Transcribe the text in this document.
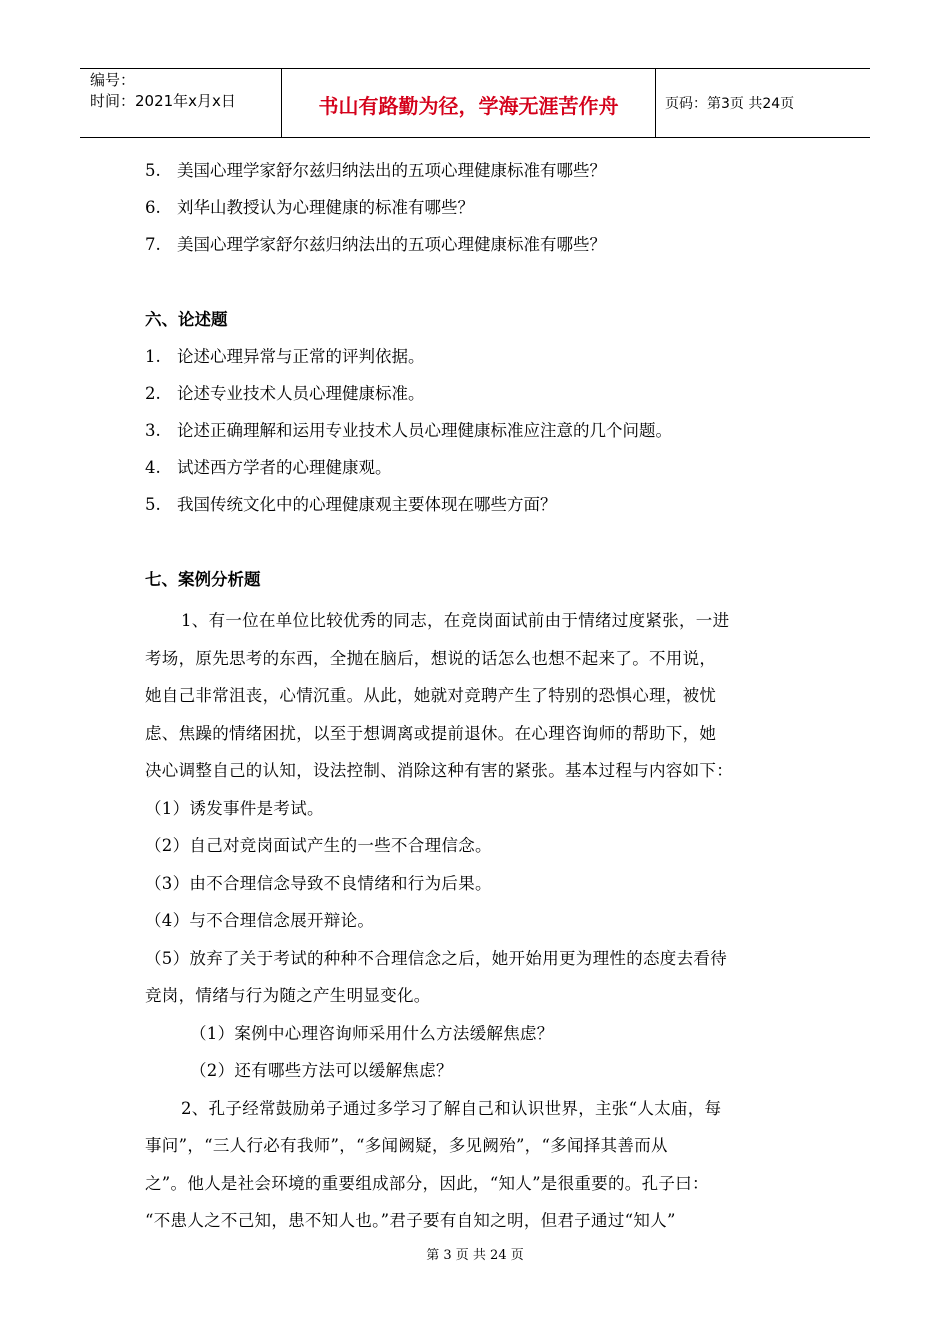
编号：
时间：2021年x月x日	书山有路勤为径，学海无涯苦作舟	页码：第3页 共24页
5. 美国心理学家舒尔兹归纳法出的五项心理健康标准有哪些？
6. 刘华山教授认为心理健康的标准有哪些？
7. 美国心理学家舒尔兹归纳法出的五项心理健康标准有哪些？
六、论述题
1. 论述心理异常与正常的评判依据。
2. 论述专业技术人员心理健康标准。
3. 论述正确理解和运用专业技术人员心理健康标准应注意的几个问题。
4. 试述西方学者的心理健康观。
5. 我国传统文化中的心理健康观主要体现在哪些方面？
七、案例分析题
1、有一位在单位比较优秀的同志，在竞岗面试前由于情绪过度紧张，一进
考场，原先思考的东西，全抛在脑后，想说的话怎么也想不起来了。不用说，
她自己非常沮丧，心情沉重。从此，她就对竞聘产生了特别的恐惧心理，被忧
虑、焦躁的情绪困扰，以至于想调离或提前退休。在心理咨询师的帮助下，她
决心调整自己的认知，设法控制、消除这种有害的紧张。基本过程与内容如下：
（1）诱发事件是考试。
（2）自己对竞岗面试产生的一些不合理信念。
（3）由不合理信念导致不良情绪和行为后果。
（4）与不合理信念展开辩论。
（5）放弃了关于考试的种种不合理信念之后，她开始用更为理性的态度去看待
竞岗，情绪与行为随之产生明显变化。
（1）案例中心理咨询师采用什么方法缓解焦虑？
（2）还有哪些方法可以缓解焦虑？
2、孔子经常鼓励弟子通过多学习了解自己和认识世界，主张“人太庙，每
事问”，“三人行必有我师”，“多闻阙疑，多见阙殆”，“多闻择其善而从
之”。他人是社会环境的重要组成部分，因此，“知人”是很重要的。孔子曰：
“不患人之不己知，患不知人也。”君子要有自知之明，但君子通过“知人”
第 3 页 共 24 页
